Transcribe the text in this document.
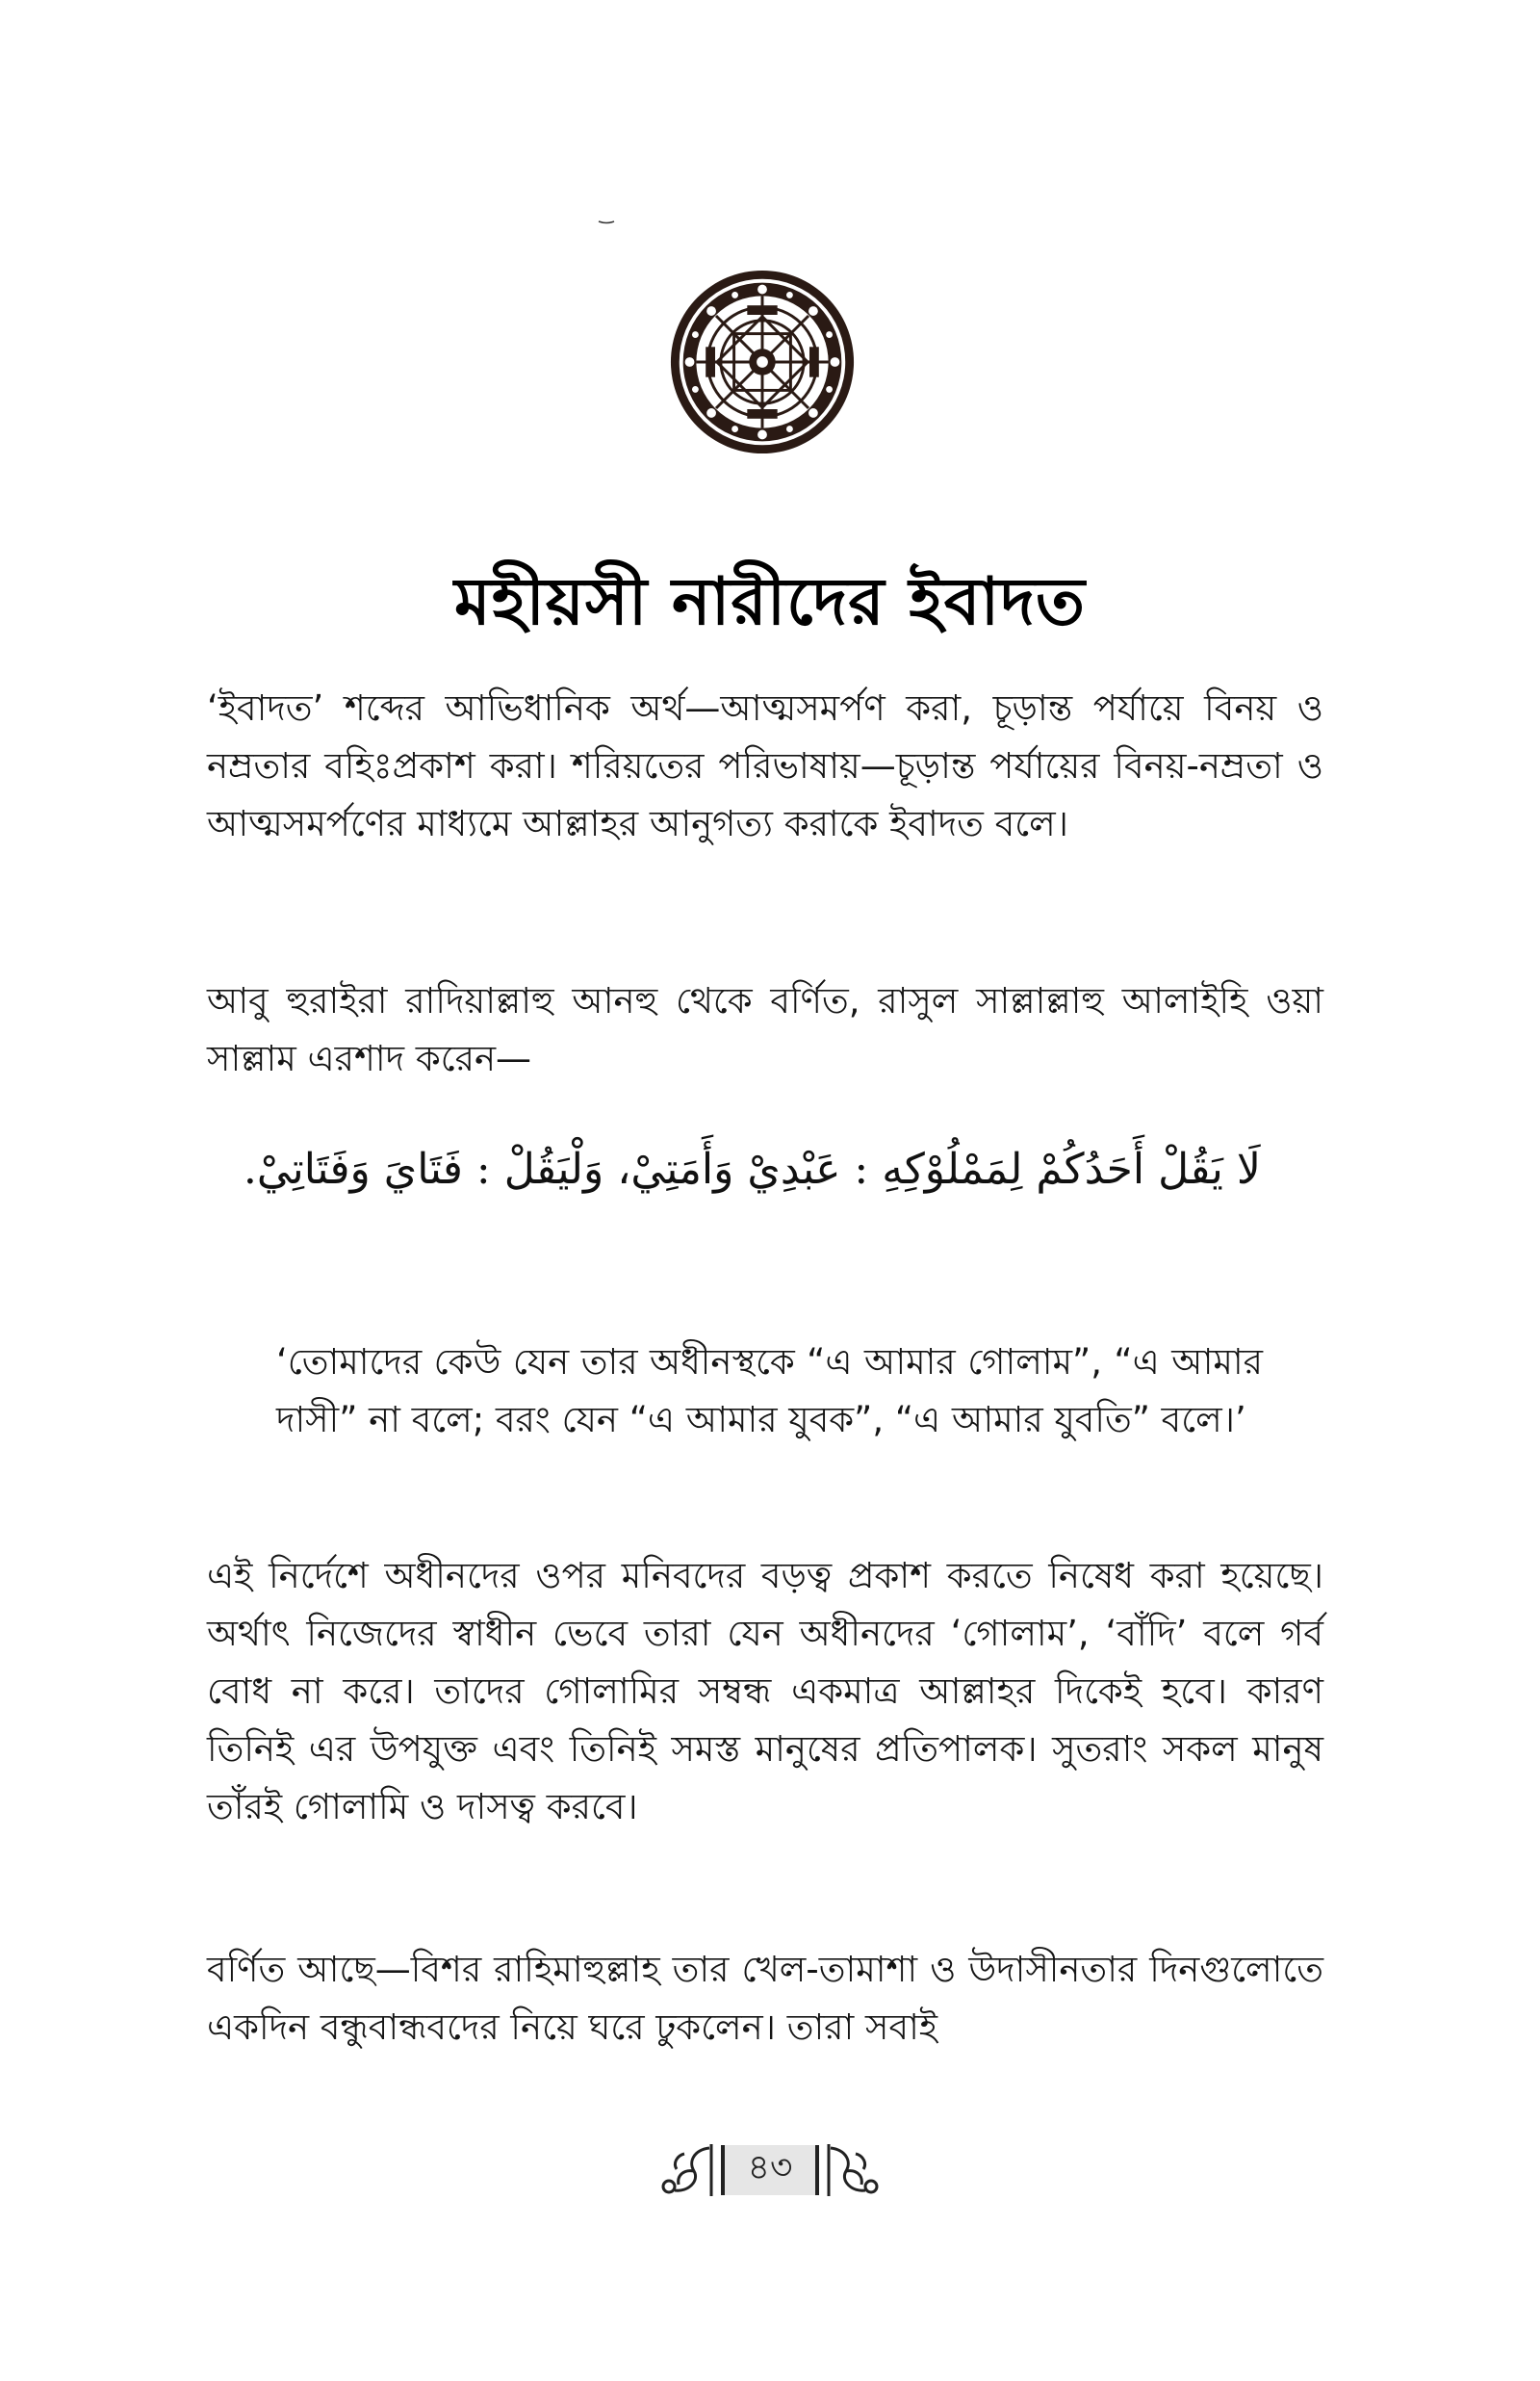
মহীয়সী নারীদের ইবাদত

‘ইবাদত’ শব্দের আভিধানিক অর্থ—আত্মসমর্পণ করা, চূড়ান্ত পর্যায়ে বিনয় ও নম্রতার বহিঃপ্রকাশ করা। শরিয়তের পরিভাষায়—চূড়ান্ত পর্যায়ের বিনয়-নম্রতা ও আত্মসমর্পণের মাধ্যমে আল্লাহর আনুগত্য করাকে ইবাদত বলে।

আবু হুরাইরা রাদিয়াল্লাহু আনহু থেকে বর্ণিত, রাসুল সাল্লাল্লাহু আলাইহি ওয়া সাল্লাম এরশাদ করেন—

لَا يَقُلْ أَحَدُكُمْ لِمَمْلُوْكِهِ : عَبْدِيْ وَأَمَتِيْ، وَلْيَقُلْ : فَتَايَ وَفَتَاتِيْ.

‘তোমাদের কেউ যেন তার অধীনস্থকে “এ আমার গোলাম”, “এ আমার দাসী” না বলে; বরং যেন “এ আমার যুবক”, “এ আমার যুবতি” বলে।’

এই নির্দেশে অধীনদের ওপর মনিবদের বড়ত্ব প্রকাশ করতে নিষেধ করা হয়েছে। অর্থাৎ নিজেদের স্বাধীন ভেবে তারা যেন অধীনদের ‘গোলাম’, ‘বাঁদি’ বলে গর্ব বোধ না করে। তাদের গোলামির সম্বন্ধ একমাত্র আল্লাহর দিকেই হবে। কারণ তিনিই এর উপযুক্ত এবং তিনিই সমস্ত মানুষের প্রতিপালক। সুতরাং সকল মানুষ তাঁরই গোলামি ও দাসত্ব করবে।

বর্ণিত আছে—বিশর রাহিমাহুল্লাহ তার খেল-তামাশা ও উদাসীনতার দিনগুলোতে একদিন বন্ধুবান্ধবদের নিয়ে ঘরে ঢুকলেন। তারা সবাই

৪৩
